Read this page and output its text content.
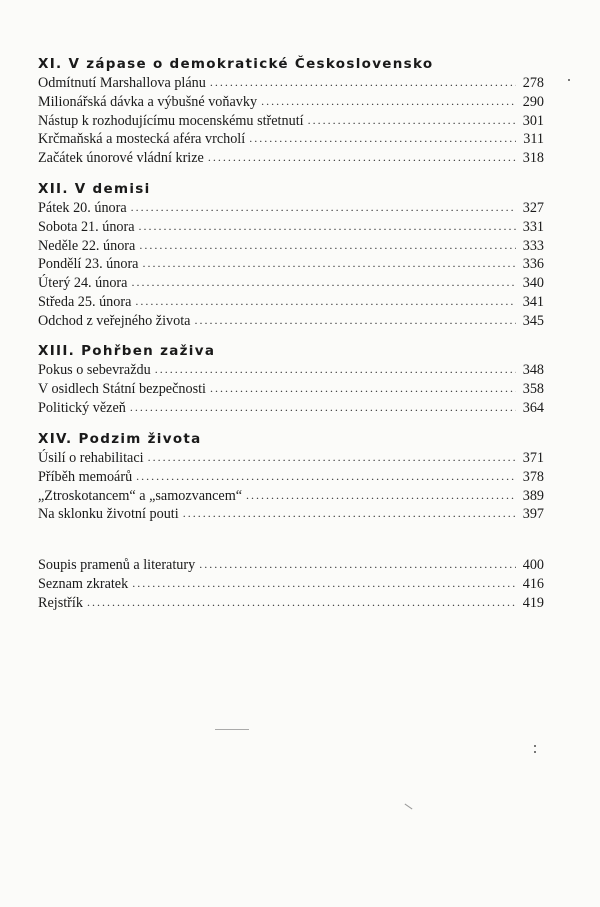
XI. V zápase o demokratické Československo
Odmítnutí Marshallova plánu . . .	278
Milionářská dávka a výbušné voňavky . . .	290
Nástup k rozhodujícímu mocenskému střetnutí . . .	301
Krčmaňská a mostecká aféra vrcholí . . .	311
Začátek únorové vládní krize . . .	318
XII. V demisi
Pátek 20. února . . .	327
Sobota 21. února . . .	331
Neděle 22. února . . .	333
Pondělí 23. února . . .	336
Úterý 24. února . . .	340
Středa 25. února . . .	341
Odchod z veřejného života . . .	345
XIII. Pohřben zaživa
Pokus o sebevraždu . . .	348
V osidlech Státní bezpečnosti . . .	358
Politický vězeň . . .	364
XIV. Podzim života
Úsilí o rehabilitaci . . .	371
Příběh memoárů . . .	378
„Ztroskotancem“ a „samozvancem“ . . .	389
Na sklonku životní pouti . . .	397
Soupis pramenů a literatury . . .	400
Seznam zkratek . . .	416
Rejstřík . . .	419
